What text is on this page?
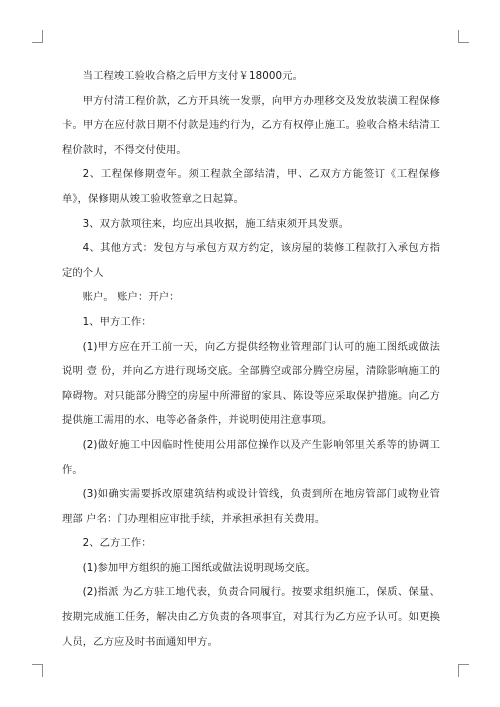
当工程竣工验收合格之后甲方支付￥18000元。

甲方付清工程价款，乙方开具统一发票，向甲方办理移交及发放装潢工程保修卡。甲方在应付款日期不付款是违约行为，乙方有权停止施工。验收合格未结清工程价款时，不得交付使用。

2、工程保修期壹年。须工程款全部结清，甲、乙双方方能签订《工程保修单》，保修期从竣工验收签章之日起算。

3、双方款项往来，均应出具收据，施工结束须开具发票。

4、其他方式：发包方与承包方双方约定，该房屋的装修工程款打入承包方指定的个人

账户。 账户：开户：

1、甲方工作：

(1)甲方应在开工前一天，向乙方提供经物业管理部门认可的施工图纸或做法说明 壹 份，并向乙方进行现场交底。全部腾空或部分腾空房屋，清除影响施工的障碍物。对只能部分腾空的房屋中所滞留的家具、陈设等应采取保护措施。向乙方提供施工需用的水、电等必备条件，并说明使用注意事项。

(2)做好施工中因临时性使用公用部位操作以及产生影响邻里关系等的协调工作。

(3)如确实需要拆改原建筑结构或设计管线，负责到所在地房管部门或物业管理部 户名：门办理相应审批手续，并承担承担有关费用。

2、乙方工作：

(1)参加甲方组织的施工图纸或做法说明现场交底。

(2)指派 为乙方驻工地代表，负责合同履行。按要求组织施工，保质、保量、按期完成施工任务，解决由乙方负责的各项事宜，对其行为乙方应予认可。如更换人员，乙方应及时书面通知甲方。
